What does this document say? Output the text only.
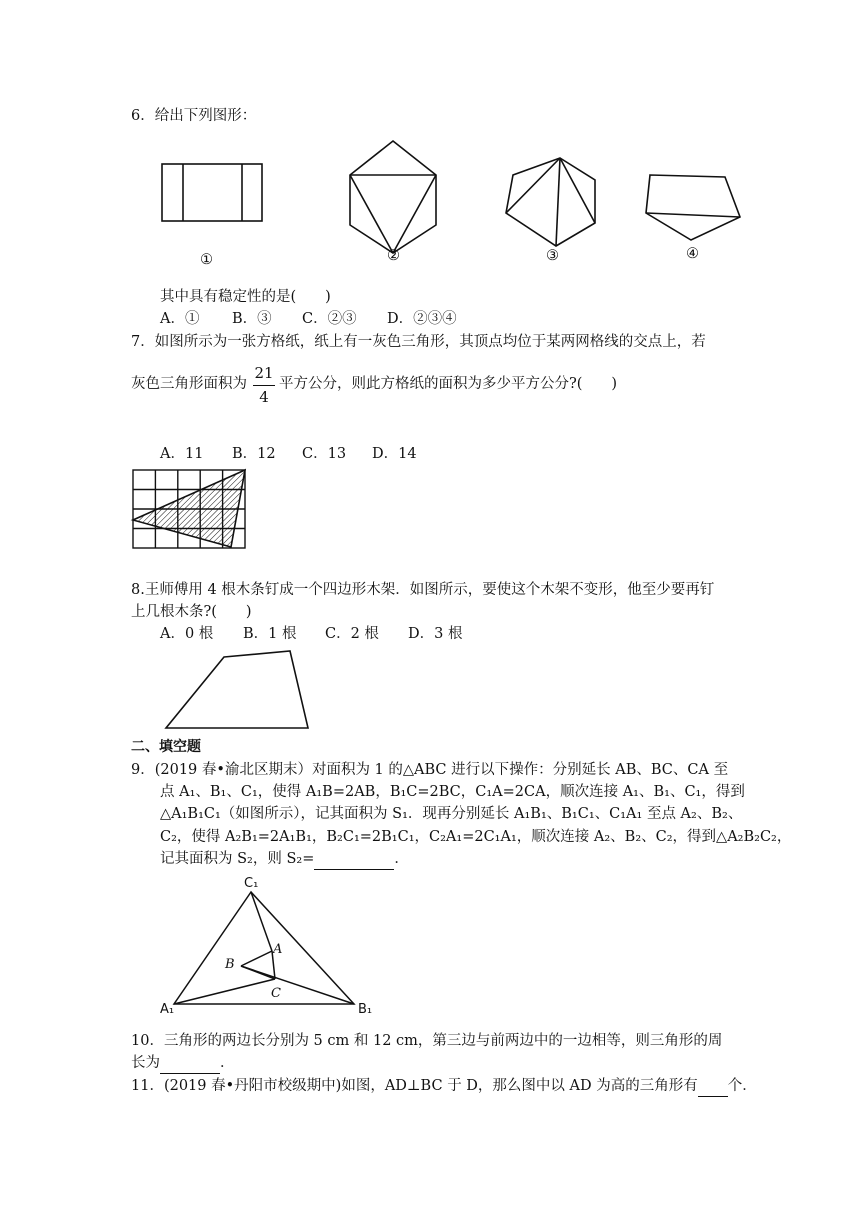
6．给出下列图形：
①	②	③	④
其中具有稳定性的是(　　)
A．① B．③ C．②③ D．②③④
7．如图所示为一张方格纸，纸上有一灰色三角形，其顶点均位于某两网格线的交点上，若
灰色三角形面积为
21
4
平方公分，则此方格纸的面积为多少平方公分?(　　)
A．11 B．12 C．13 D．14
8.王师傅用 4 根木条钉成一个四边形木架．如图所示，要使这个木架不变形，他至少要再钉
上几根木条?(　　)
A．0 根 B．1 根 C．2 根 D．3 根
二、填空题
9．(2019 春•渝北区期末）对面积为 1 的△ABC 进行以下操作：分别延长 AB、BC、CA 至
点 A₁、B₁、C₁，使得 A₁B=2AB，B₁C=2BC，C₁A=2CA，顺次连接 A₁、B₁、C₁，得到
△A₁B₁C₁（如图所示），记其面积为 S₁．现再分别延长 A₁B₁、B₁C₁、C₁A₁ 至点 A₂、B₂、
C₂，使得 A₂B₁=2A₁B₁，B₂C₁=2B₁C₁，C₂A₁=2C₁A₁，顺次连接 A₂、B₂、C₂，得到△A₂B₂C₂，
记其面积为 S₂，则 S₂=	．
C₁
A
B
C
A₁	B₁
10．三角形的两边长分别为 5 cm 和 12 cm，第三边与前两边中的一边相等，则三角形的周
长为	．
11．(2019 春•丹阳市校级期中)如图，AD⊥BC 于 D，那么图中以 AD 为高的三角形有 个．
